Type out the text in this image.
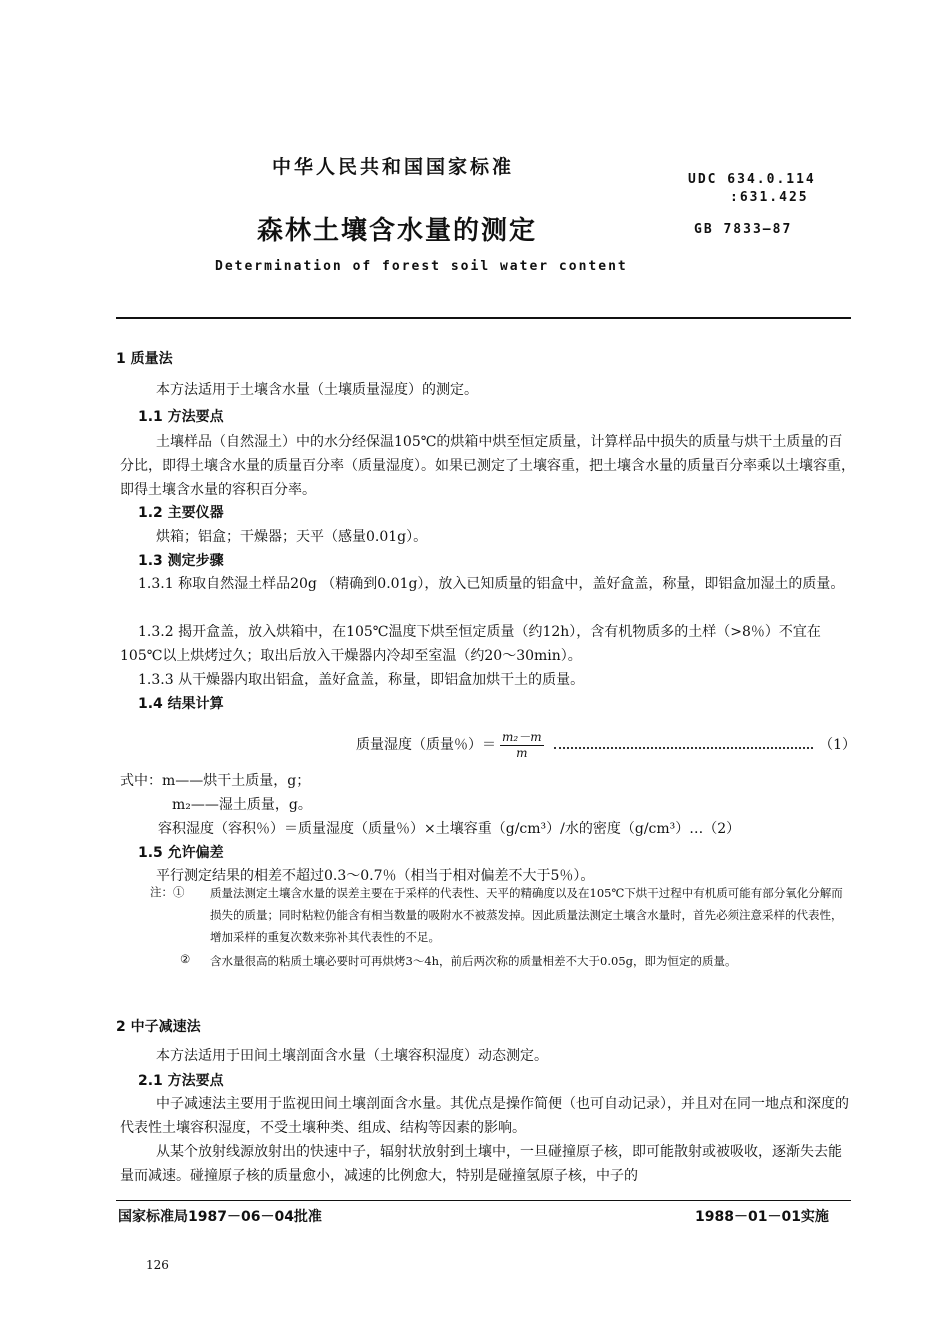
中华人民共和国国家标准
UDC 634.0.114
:631.425
森林土壤含水量的测定	GB 7833—87
Determination of forest soil water content
1 质量法
本方法适用于土壤含水量（土壤质量湿度）的测定。
1.1 方法要点
土壤样品（自然湿土）中的水分经保温105℃的烘箱中烘至恒定质量，计算样品中损失的质量与烘干土质量的百分比，即得土壤含水量的质量百分率（质量湿度）。如果已测定了土壤容重，把土壤含水量的质量百分率乘以土壤容重，即得土壤含水量的容积百分率。
1.2 主要仪器
烘箱；铝盒；干燥器；天平（感量0.01g）。
1.3 测定步骤
1.3.1 称取自然湿土样品20g （精确到0.01g），放入已知质量的铝盒中，盖好盒盖，称量，即铝盒加湿土的质量。
1.3.2 揭开盒盖，放入烘箱中，在105℃温度下烘至恒定质量（约12h），含有机物质多的土样（>8％）不宜在105℃以上烘烤过久；取出后放入干燥器内冷却至室温（约20～30min）。
1.3.3 从干燥器内取出铝盒，盖好盒盖，称量，即铝盒加烘干土的质量。
1.4 结果计算
质量湿度（质量％）＝ $\frac{\text{m₂－m}}{m}$	（1）
式中：m——烘干土质量，g；
m₂——湿土质量，g。
容积湿度（容积％）＝质量湿度（质量％）×土壤容重（g/cm³）/水的密度（g/cm³）…（2）
1.5 允许偏差
平行测定结果的相差不超过0.3～0.7％（相当于相对偏差不大于5％）。
注：① 质量法测定土壤含水量的误差主要在于采样的代表性、天平的精确度以及在105℃下烘干过程中有机质可能有部分氧化分解而损失的质量；同时粘粒仍能含有相当数量的吸附水不被蒸发掉。因此质量法测定土壤含水量时，首先必须注意采样的代表性，增加采样的重复次数来弥补其代表性的不足。
② 含水量很高的粘质土壤必要时可再烘烤3～4h，前后两次称的质量相差不大于0.05g，即为恒定的质量。
2 中子减速法
本方法适用于田间土壤剖面含水量（土壤容积湿度）动态测定。
2.1 方法要点
中子减速法主要用于监视田间土壤剖面含水量。其优点是操作简便（也可自动记录），并且对在同一地点和深度的代表性土壤容积湿度，不受土壤种类、组成、结构等因素的影响。
从某个放射线源放射出的快速中子，辐射状放射到土壤中，一旦碰撞原子核，即可能散射或被吸收，逐渐失去能量而减速。碰撞原子核的质量愈小，减速的比例愈大，特别是碰撞氢原子核，中子的
国家标准局1987－06－04批准	1988－01－01实施
126
